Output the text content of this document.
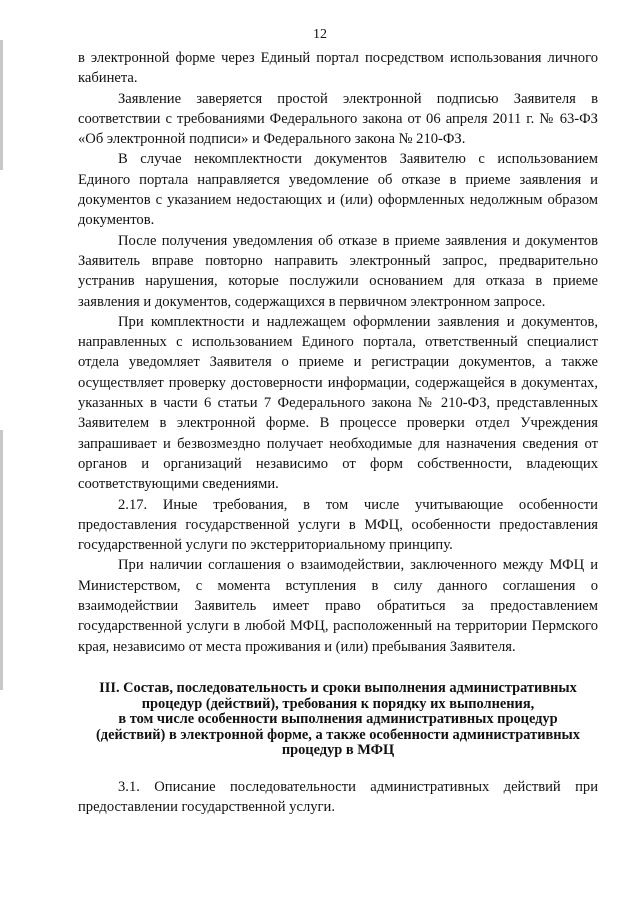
12

в электронной форме через Единый портал посредством использования личного кабинета.

Заявление заверяется простой электронной подписью Заявителя в соответствии с требованиями Федерального закона от 06 апреля 2011 г. № 63-ФЗ «Об электронной подписи» и Федерального закона № 210-ФЗ.

В случае некомплектности документов Заявителю с использованием Единого портала направляется уведомление об отказе в приеме заявления и документов с указанием недостающих и (или) оформленных недолжным образом документов.

После получения уведомления об отказе в приеме заявления и документов Заявитель вправе повторно направить электронный запрос, предварительно устранив нарушения, которые послужили основанием для отказа в приеме заявления и документов, содержащихся в первичном электронном запросе.

При комплектности и надлежащем оформлении заявления и документов, направленных с использованием Единого портала, ответственный специалист отдела уведомляет Заявителя о приеме и регистрации документов, а также осуществляет проверку достоверности информации, содержащейся в документах, указанных в части 6 статьи 7 Федерального закона № 210-ФЗ, представленных Заявителем в электронной форме. В процессе проверки отдел Учреждения запрашивает и безвозмездно получает необходимые для назначения сведения от органов и организаций независимо от форм собственности, владеющих соответствующими сведениями.

2.17. Иные требования, в том числе учитывающие особенности предоставления государственной услуги в МФЦ, особенности предоставления государственной услуги по экстерриториальному принципу.

При наличии соглашения о взаимодействии, заключенного между МФЦ и Министерством, с момента вступления в силу данного соглашения о взаимодействии Заявитель имеет право обратиться за предоставлением государственной услуги в любой МФЦ, расположенный на территории Пермского края, независимо от места проживания и (или) пребывания Заявителя.

III. Состав, последовательность и сроки выполнения административных
процедур (действий), требования к порядку их выполнения,
в том числе особенности выполнения административных процедур
(действий) в электронной форме, а также особенности административных
процедур в МФЦ

3.1. Описание последовательности административных действий при предоставлении государственной услуги.
